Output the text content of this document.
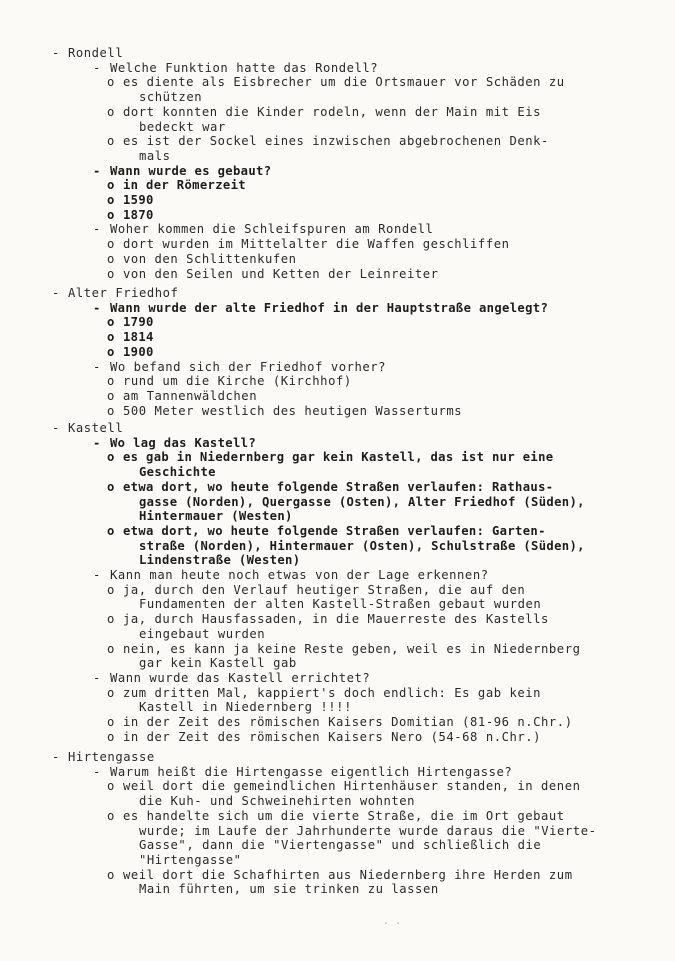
- Rondell
- Welche Funktion hatte das Rondell?
o es diente als Eisbrecher um die Ortsmauer vor Schäden zu
schützen
o dort konnten die Kinder rodeln, wenn der Main mit Eis
bedeckt war
o es ist der Sockel eines inzwischen abgebrochenen Denk-
mals
- Wann wurde es gebaut?
o in der Römerzeit
o 1590
o 1870
- Woher kommen die Schleifspuren am Rondell
o dort wurden im Mittelalter die Waffen geschliffen
o von den Schlittenkufen
o von den Seilen und Ketten der Leinreiter
- Alter Friedhof
- Wann wurde der alte Friedhof in der Hauptstraße angelegt?
o 1790
o 1814
o 1900
- Wo befand sich der Friedhof vorher?
o rund um die Kirche (Kirchhof)
o am Tannenwäldchen
o 500 Meter westlich des heutigen Wasserturms
- Kastell
- Wo lag das Kastell?
o es gab in Niedernberg gar kein Kastell, das ist nur eine
Geschichte
o etwa dort, wo heute folgende Straßen verlaufen: Rathaus-
gasse (Norden), Quergasse (Osten), Alter Friedhof (Süden),
Hintermauer (Westen)
o etwa dort, wo heute folgende Straßen verlaufen: Garten-
straße (Norden), Hintermauer (Osten), Schulstraße (Süden),
Lindenstraße (Westen)
- Kann man heute noch etwas von der Lage erkennen?
o ja, durch den Verlauf heutiger Straßen, die auf den
Fundamenten der alten Kastell-Straßen gebaut wurden
o ja, durch Hausfassaden, in die Mauerreste des Kastells
eingebaut wurden
o nein, es kann ja keine Reste geben, weil es in Niedernberg
gar kein Kastell gab
- Wann wurde das Kastell errichtet?
o zum dritten Mal, kappiert's doch endlich: Es gab kein
Kastell in Niedernberg !!!!
o in der Zeit des römischen Kaisers Domitian (81-96 n.Chr.)
o in der Zeit des römischen Kaisers Nero (54-68 n.Chr.)
- Hirtengasse
- Warum heißt die Hirtengasse eigentlich Hirtengasse?
o weil dort die gemeindlichen Hirtenhäuser standen, in denen
die Kuh- und Schweinehirten wohnten
o es handelte sich um die vierte Straße, die im Ort gebaut
wurde; im Laufe der Jahrhunderte wurde daraus die "Vierte-
Gasse", dann die "Viertengasse" und schließlich die
"Hirtengasse"
o weil dort die Schafhirten aus Niedernberg ihre Herden zum
Main führten, um sie trinken zu lassen
. .
